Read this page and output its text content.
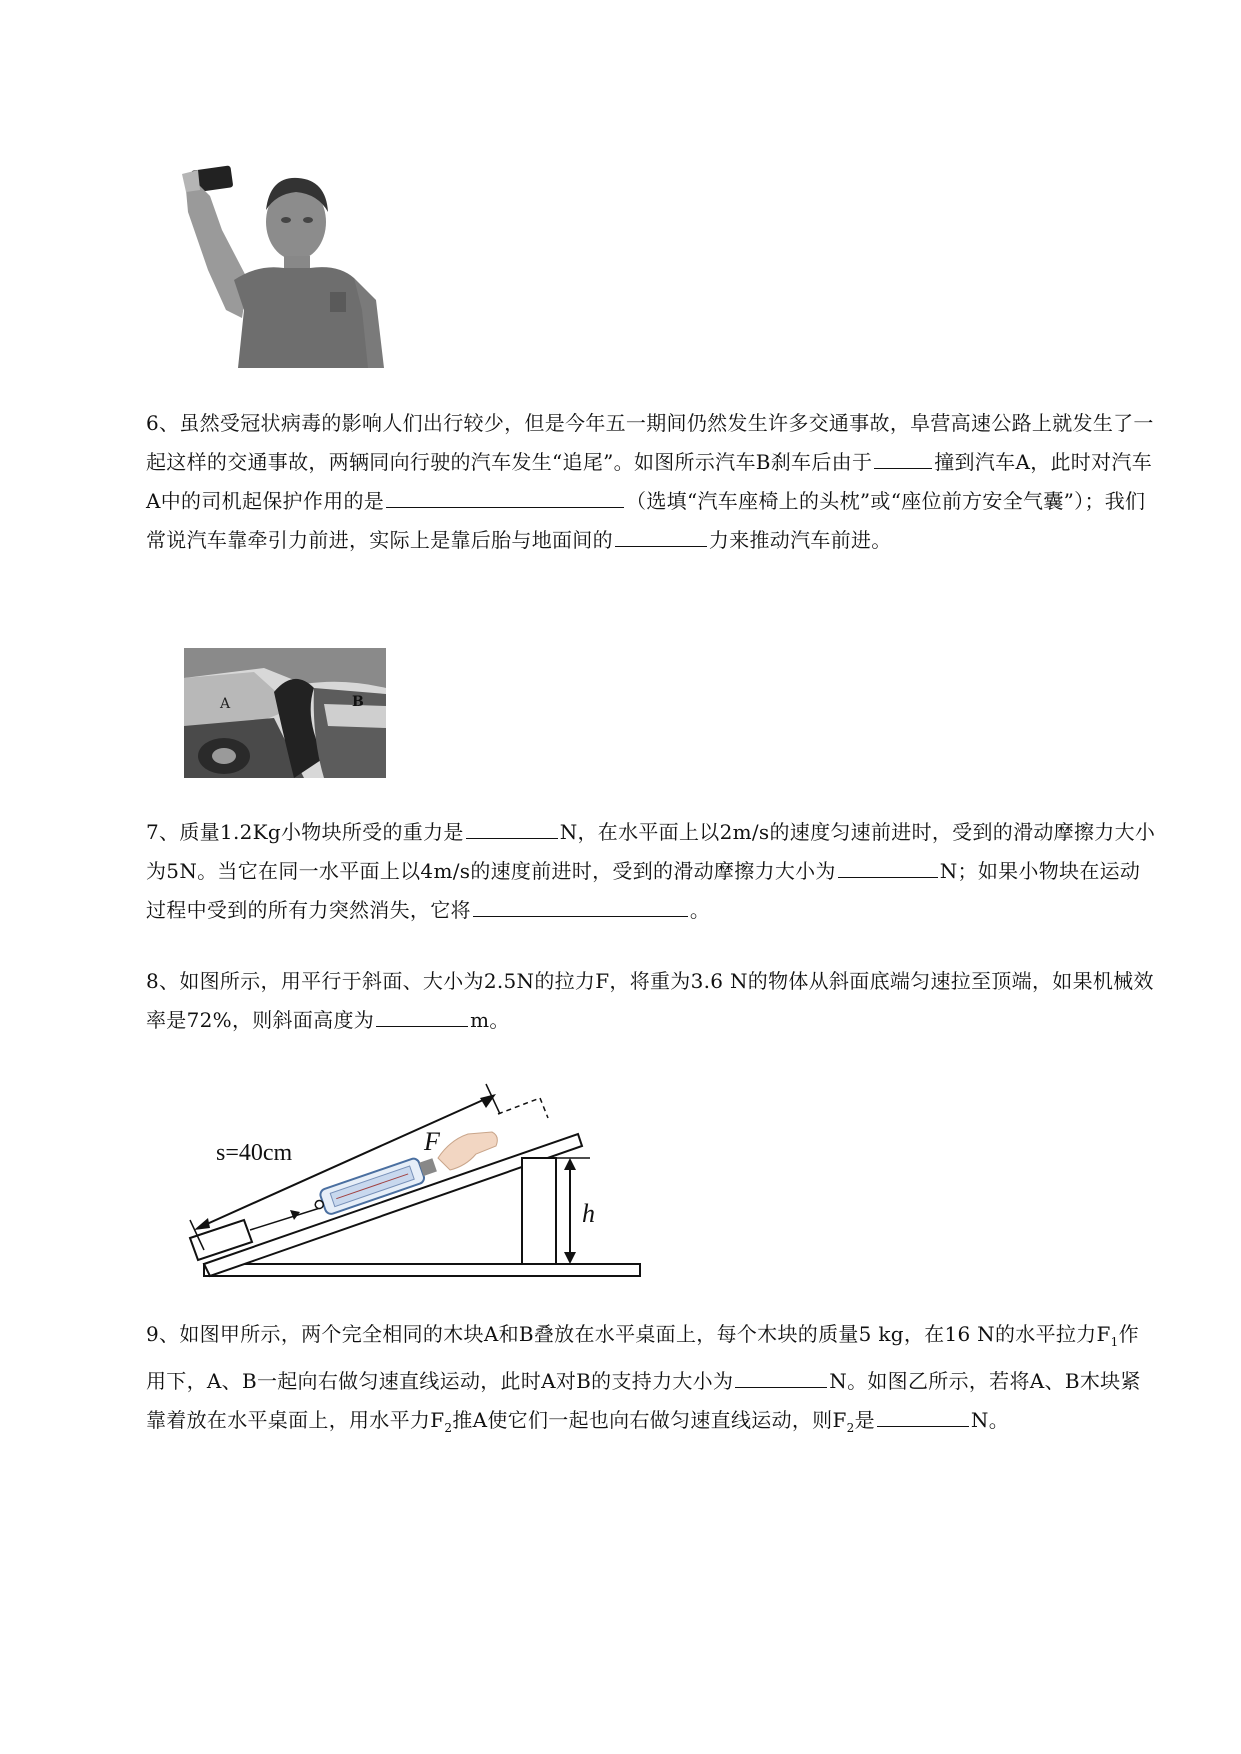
6、虽然受冠状病毒的影响人们出行较少，但是今年五一期间仍然发生许多交通事故，阜营高速公路上就发生了一起这样的交通事故，两辆同向行驶的汽车发生“追尾”。如图所示汽车B刹车后由于	撞到汽车A，此时对汽车A中的司机起保护作用的是	（选填“汽车座椅上的头枕”或“座位前方安全气囊”）；我们常说汽车靠牵引力前进，实际上是靠后胎与地面间的	力来推动汽车前进。
A	B
7、质量1.2Kg小物块所受的重力是	N，在水平面上以2m/s的速度匀速前进时，受到的滑动摩擦力大小为5N。当它在同一水平面上以4m/s的速度前进时，受到的滑动摩擦力大小为	N；如果小物块在运动过程中受到的所有力突然消失，它将	。
8、如图所示，用平行于斜面、大小为2.5N的拉力F，将重为3.6 N的物体从斜面底端匀速拉至顶端，如果机械效率是72%，则斜面高度为	m。
s=40cm	F
h
9、如图甲所示，两个完全相同的木块A和B叠放在水平桌面上，每个木块的质量5 kg，在16 N的水平拉力$F_1$作用下，A、B一起向右做匀速直线运动，此时A对B的支持力大小为	N。如图乙所示，若将A、B木块紧靠着放在水平桌面上，用水平力$F_2$推A使它们一起也向右做匀速直线运动，则$F_2$是	N。
